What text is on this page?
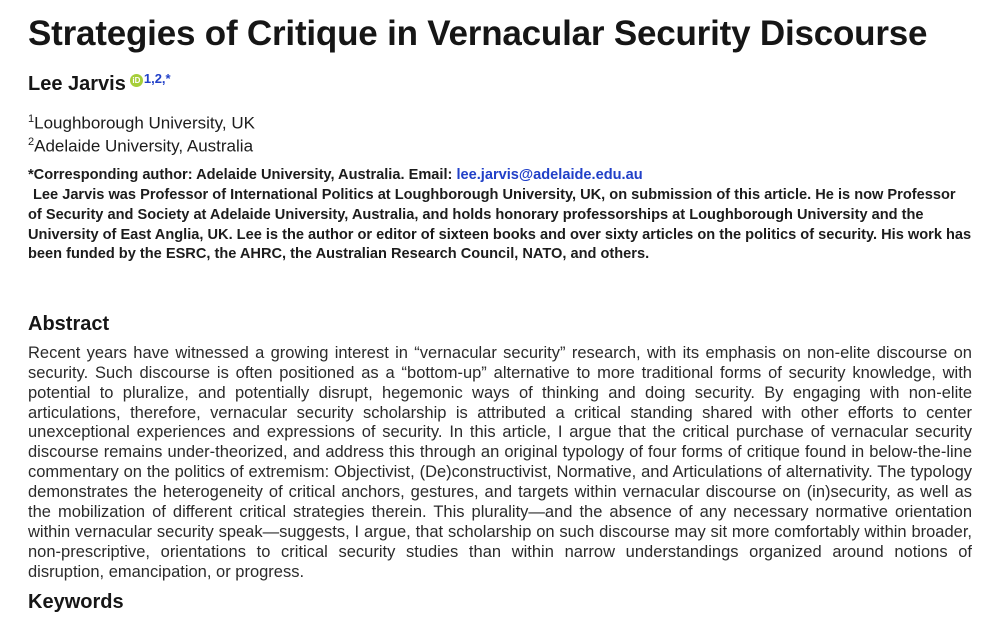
Strategies of Critique in Vernacular Security Discourse
Lee Jarvis iD $^{1,2,*}$
$^1$Loughborough University, UK
$^2$Adelaide University, Australia
*Corresponding author: Adelaide University, Australia. Email: lee.jarvis@adelaide.edu.au

Lee Jarvis was Professor of International Politics at Loughborough University, UK, on submission of this article. He is now Professor of Security and Society at Adelaide University, Australia, and holds honorary professorships at Loughborough University and the University of East Anglia, UK. Lee is the author or editor of sixteen books and over sixty articles on the politics of security. His work has been funded by the ESRC, the AHRC, the Australian Research Council, NATO, and others.

Abstract

Recent years have witnessed a growing interest in “vernacular security” research, with its emphasis on non-elite discourse on security. Such discourse is often positioned as a “bottom-up” alternative to more traditional forms of security knowledge, with potential to pluralize, and potentially disrupt, hegemonic ways of thinking and doing security. By engaging with non-elite articulations, therefore, vernacular security scholarship is attributed a critical standing shared with other efforts to center unexceptional experiences and expressions of security. In this article, I argue that the critical purchase of vernacular security discourse remains under-theorized, and address this through an original typology of four forms of critique found in below-the-line commentary on the politics of extremism: Objectivist, (De)constructivist, Normative, and Articulations of alternativity. The typology demonstrates the heterogeneity of critical anchors, gestures, and targets within vernacular discourse on (in)security, as well as the mobilization of different critical strategies therein. This plurality—and the absence of any necessary normative orientation within vernacular security speak—suggests, I argue, that scholarship on such discourse may sit more comfortably within broader, non-prescriptive, orientations to critical security studies than within narrow understandings organized around notions of disruption, emancipation, or progress.

Keywords
